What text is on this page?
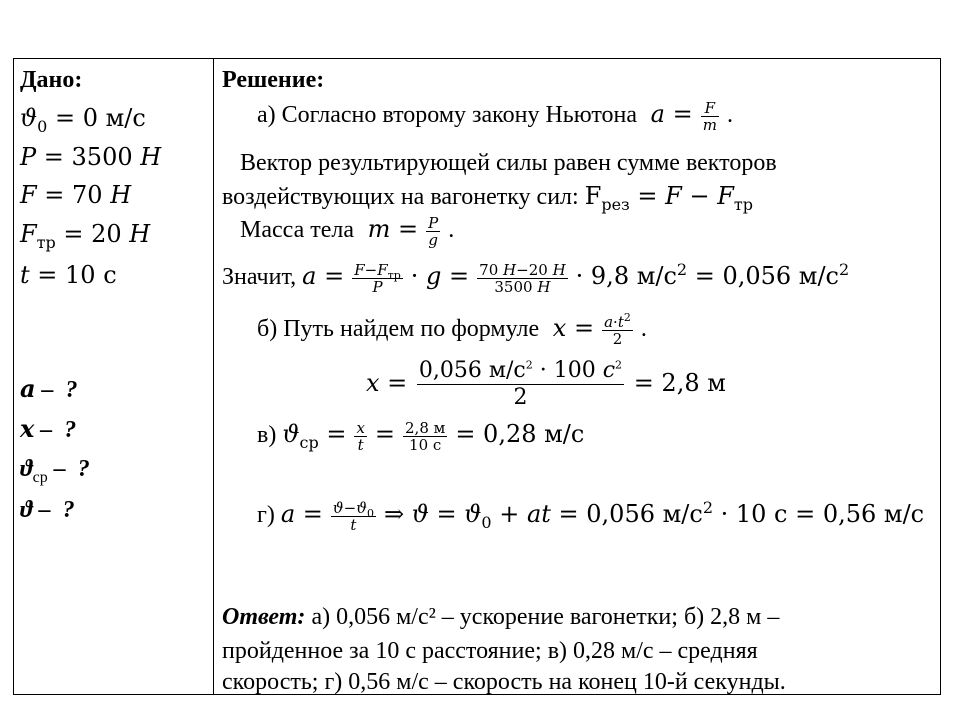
Дано:
$ϑ_0 = 0$ м/с
P = 3500 Н
F = 70 Н
$F_{тр} = 20$ Н
t = 10 с
𝒂 –  ?
𝒙 –  ?
$ϑ_{ср}$ –  ?
ϑ –  ?
Решение:
а) Согласно второму закону Ньютона $a = \frac{F}{m}$ .
Вектор результирующей силы равен сумме векторов
воздействующих на вагонетку сил: $F_{рез} = F - F_{тр}$
Масса тела $m = \frac{P}{g}$ .
Значит, $a = \frac{F-F_{тр}}{P} \cdot g = \frac{70 Н-20 Н}{3500 Н} \cdot 9,8$ $м/с^2 = 0,056$ $м/с^2$
б) Путь найдем по формуле $x = \frac{a\cdot t^2}{2}$ .
$x = \frac{0,056 м/с^2 \cdot 100 c^2}{2} = 2,8$ м
в) $ϑ_{ср} = \frac{x}{t} = \frac{2,8 м}{10 с} = 0,28$ м/с
г) $a = \frac{ϑ-ϑ_0}{t}$ ⇒ $ϑ = ϑ_0$ + at = 0,056 $м/с^2 \cdot 10$ с = 0,56 м/с
Ответ: а) 0,056 м/с² – ускорение вагонетки; б) 2,8 м –
пройденное за 10 с расстояние; в) 0,28 м/с – средняя
скорость; г) 0,56 м/с – скорость на конец 10-й секунды.
